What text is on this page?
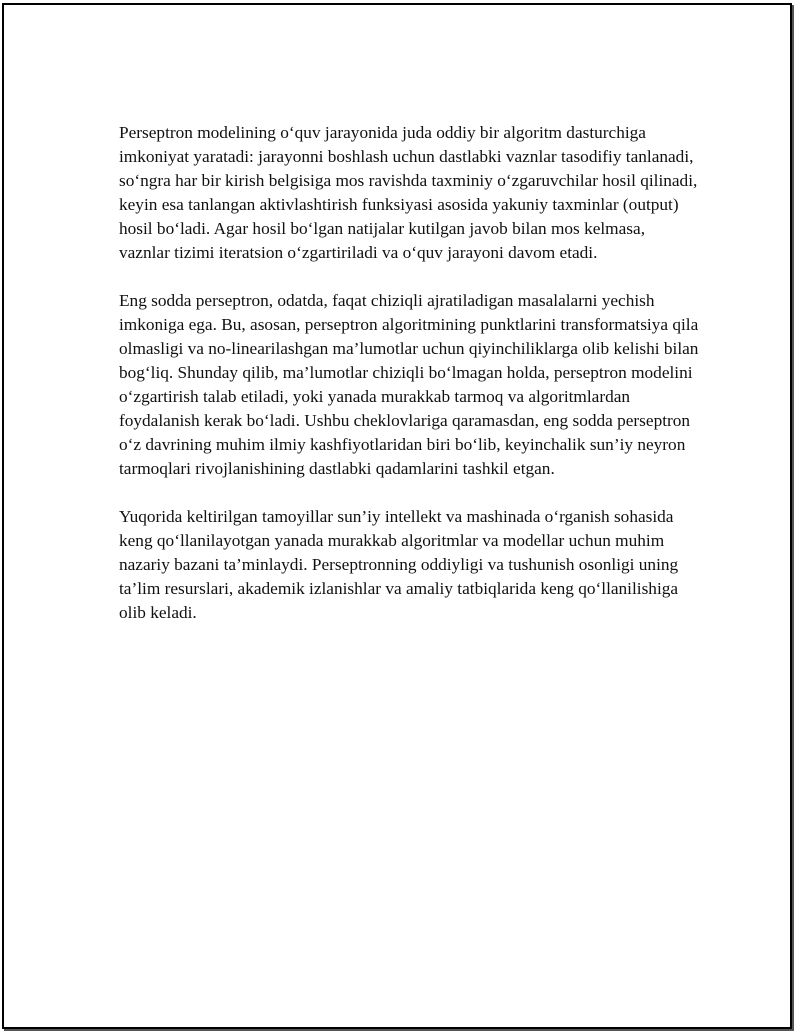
Perseptron modelining o‘quv jarayonida juda oddiy bir algoritm dasturchiga imkoniyat yaratadi: jarayonni boshlash uchun dastlabki vaznlar tasodifiy tanlanadi, so‘ngra har bir kirish belgisiga mos ravishda taxminiy o‘zgaruvchilar hosil qilinadi, keyin esa tanlangan aktivlashtirish funksiyasi asosida yakuniy taxminlar (output) hosil bo‘ladi. Agar hosil bo‘lgan natijalar kutilgan javob bilan mos kelmasa, vaznlar tizimi iteratsion o‘zgartiriladi va o‘quv jarayoni davom etadi.

Eng sodda perseptron, odatda, faqat chiziqli ajratiladigan masalalarni yechish imkoniga ega. Bu, asosan, perseptron algoritmining punktlarini transformatsiya qila olmasligi va no-linearilashgan ma’lumotlar uchun qiyinchiliklarga olib kelishi bilan bog‘liq. Shunday qilib, ma’lumotlar chiziqli bo‘lmagan holda, perseptron modelini o‘zgartirish talab etiladi, yoki yanada murakkab tarmoq va algoritmlardan foydalanish kerak bo‘ladi. Ushbu cheklovlariga qaramasdan, eng sodda perseptron o‘z davrining muhim ilmiy kashfiyotlaridan biri bo‘lib, keyinchalik sun’iy neyron tarmoqlari rivojlanishining dastlabki qadamlarini tashkil etgan.

Yuqorida keltirilgan tamoyillar sun’iy intellekt va mashinada o‘rganish sohasida keng qo‘llanilayotgan yanada murakkab algoritmlar va modellar uchun muhim nazariy bazani ta’minlaydi. Perseptronning oddiyligi va tushunish osonligi uning ta’lim resurslari, akademik izlanishlar va amaliy tatbiqlarida keng qo‘llanilishiga olib keladi.
